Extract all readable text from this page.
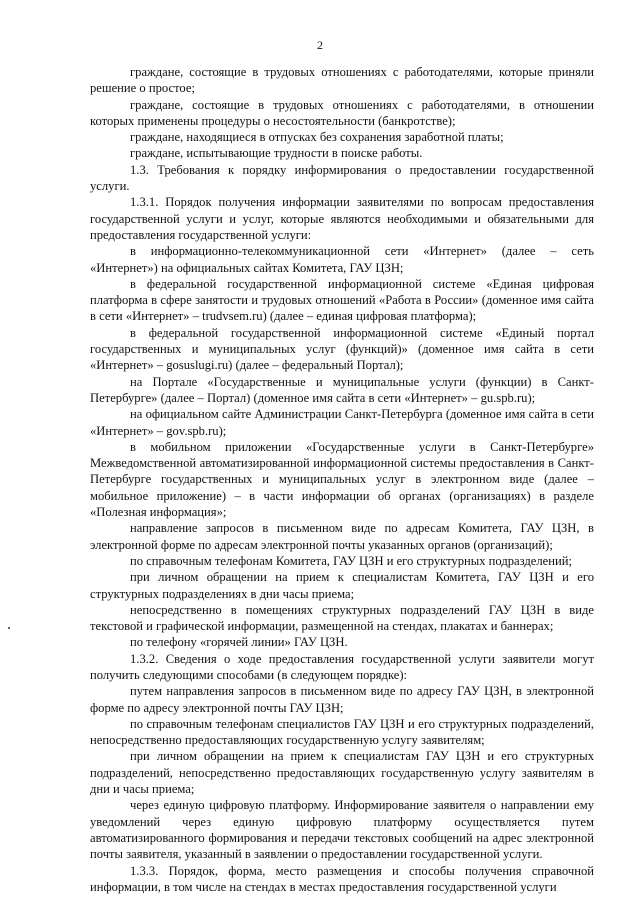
2

граждане, состоящие в трудовых отношениях с работодателями, которые приняли решение о простое;

граждане, состоящие в трудовых отношениях с работодателями, в отношении которых применены процедуры о несостоятельности (банкротстве);

граждане, находящиеся в отпусках без сохранения заработной платы;

граждане, испытывающие трудности в поиске работы.

1.3. Требования к порядку информирования о предоставлении государственной услуги.

1.3.1. Порядок получения информации заявителями по вопросам предоставления государственной услуги и услуг, которые являются необходимыми и обязательными для предоставления государственной услуги:

в информационно-телекоммуникационной сети «Интернет» (далее – сеть «Интернет») на официальных сайтах Комитета, ГАУ ЦЗН;

в федеральной государственной информационной системе «Единая цифровая платформа в сфере занятости и трудовых отношений «Работа в России» (доменное имя сайта в сети «Интернет» – trudvsem.ru) (далее – единая цифровая платформа);

в федеральной государственной информационной системе «Единый портал государственных и муниципальных услуг (функций)» (доменное имя сайта в сети «Интернет» – gosuslugi.ru) (далее – федеральный Портал);

на Портале «Государственные и муниципальные услуги (функции) в Санкт-Петербурге» (далее – Портал) (доменное имя сайта в сети «Интернет» – gu.spb.ru);

на официальном сайте Администрации Санкт-Петербурга (доменное имя сайта в сети «Интернет» – gov.spb.ru);

в мобильном приложении «Государственные услуги в Санкт-Петербурге» Межведомственной автоматизированной информационной системы предоставления в Санкт-Петербурге государственных и муниципальных услуг в электронном виде (далее – мобильное приложение) – в части информации об органах (организациях) в разделе «Полезная информация»;

направление запросов в письменном виде по адресам Комитета, ГАУ ЦЗН, в электронной форме по адресам электронной почты указанных органов (организаций);

по справочным телефонам Комитета, ГАУ ЦЗН и его структурных подразделений;

при личном обращении на прием к специалистам Комитета, ГАУ ЦЗН и его структурных подразделениях в дни часы приема;

непосредственно в помещениях структурных подразделений ГАУ ЦЗН в виде текстовой и графической информации, размещенной на стендах, плакатах и баннерах;

по телефону «горячей линии» ГАУ ЦЗН.

1.3.2. Сведения о ходе предоставления государственной услуги заявители могут получить следующими способами (в следующем порядке):

путем направления запросов в письменном виде по адресу ГАУ ЦЗН, в электронной форме по адресу электронной почты ГАУ ЦЗН;

по справочным телефонам специалистов ГАУ ЦЗН и его структурных подразделений, непосредственно предоставляющих государственную услугу заявителям;

при личном обращении на прием к специалистам ГАУ ЦЗН и его структурных подразделений, непосредственно предоставляющих государственную услугу заявителям в дни и часы приема;

через единую цифровую платформу. Информирование заявителя о направлении ему уведомлений через единую цифровую платформу осуществляется путем автоматизированного формирования и передачи текстовых сообщений на адрес электронной почты заявителя, указанный в заявлении о предоставлении государственной услуги.

1.3.3. Порядок, форма, место размещения и способы получения справочной информации, в том числе на стендах в местах предоставления государственной услуги
